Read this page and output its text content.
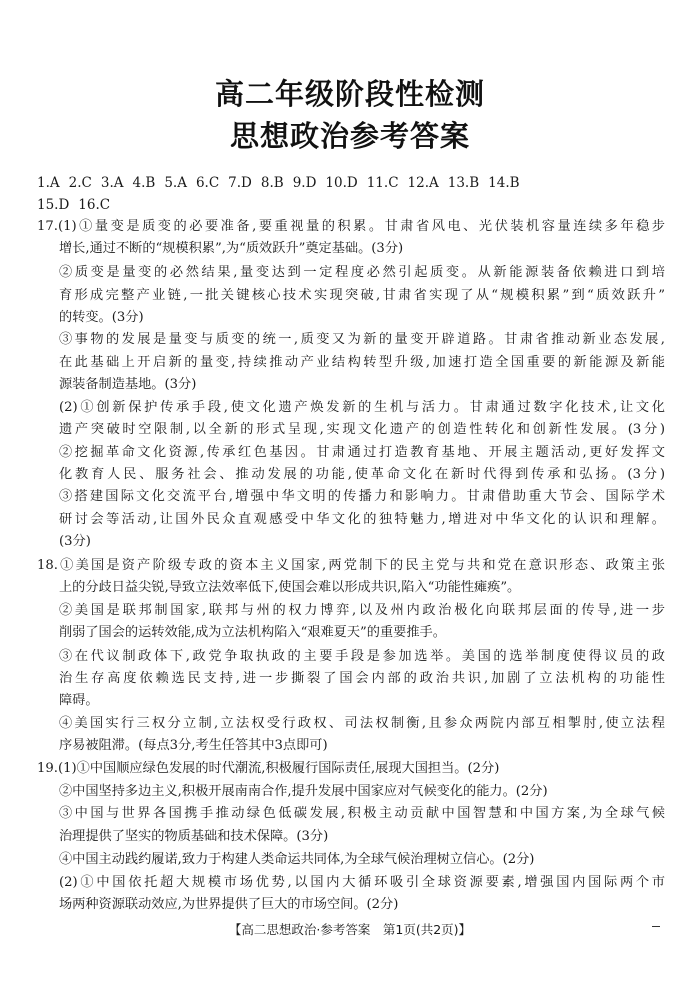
高二年级阶段性检测
思想政治参考答案
1.A 2.C 3.A 4.B 5.A 6.C 7.D 8.B 9.D 10.D 11.C 12.A 13.B 14.B
15.D 16.C
17.(1)①量变是质变的必要准备,要重视量的积累。甘肃省风电、光伏装机容量连续多年稳步
增长,通过不断的“规模积累”,为“质效跃升”奠定基础。(3分)
②质变是量变的必然结果,量变达到一定程度必然引起质变。从新能源装备依赖进口到培
育形成完整产业链,一批关键核心技术实现突破,甘肃省实现了从“规模积累”到“质效跃升”
的转变。(3分)
③事物的发展是量变与质变的统一,质变又为新的量变开辟道路。甘肃省推动新业态发展,
在此基础上开启新的量变,持续推动产业结构转型升级,加速打造全国重要的新能源及新能
源装备制造基地。(3分)
(2)①创新保护传承手段,使文化遗产焕发新的生机与活力。甘肃通过数字化技术,让文化
遗产突破时空限制,以全新的形式呈现,实现文化遗产的创造性转化和创新性发展。(3分)
②挖掘革命文化资源,传承红色基因。甘肃通过打造教育基地、开展主题活动,更好发挥文
化教育人民、服务社会、推动发展的功能,使革命文化在新时代得到传承和弘扬。(3分)
③搭建国际文化交流平台,增强中华文明的传播力和影响力。甘肃借助重大节会、国际学术
研讨会等活动,让国外民众直观感受中华文化的独特魅力,增进对中华文化的认识和理解。
(3分)
18.①美国是资产阶级专政的资本主义国家,两党制下的民主党与共和党在意识形态、政策主张
上的分歧日益尖锐,导致立法效率低下,使国会难以形成共识,陷入“功能性瘫痪”。
②美国是联邦制国家,联邦与州的权力博弈,以及州内政治极化向联邦层面的传导,进一步
削弱了国会的运转效能,成为立法机构陷入“艰难夏天”的重要推手。
③在代议制政体下,政党争取执政的主要手段是参加选举。美国的选举制度使得议员的政
治生存高度依赖选民支持,进一步撕裂了国会内部的政治共识,加剧了立法机构的功能性
障碍。
④美国实行三权分立制,立法权受行政权、司法权制衡,且参众两院内部互相掣肘,使立法程
序易被阻滞。(每点3分,考生任答其中3点即可)
19.(1)①中国顺应绿色发展的时代潮流,积极履行国际责任,展现大国担当。(2分)
②中国坚持多边主义,积极开展南南合作,提升发展中国家应对气候变化的能力。(2分)
③中国与世界各国携手推动绿色低碳发展,积极主动贡献中国智慧和中国方案,为全球气候
治理提供了坚实的物质基础和技术保障。(3分)
④中国主动践约履诺,致力于构建人类命运共同体,为全球气候治理树立信心。(2分)
(2)①中国依托超大规模市场优势,以国内大循环吸引全球资源要素,增强国内国际两个市
场两种资源联动效应,为世界提供了巨大的市场空间。(2分)
【高二思想政治·参考答案　第1页(共2页)】
